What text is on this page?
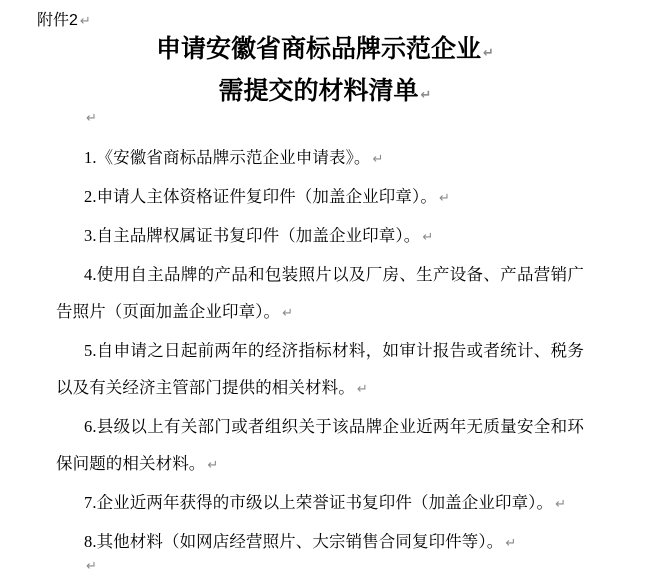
附件2 ↵
申请安徽省商标品牌示范企业 ↵
需提交的材料清单 ↵
↵

1.《安徽省商标品牌示范企业申请表》。 ↵

2.申请人主体资格证件复印件（加盖企业印章）。 ↵

3.自主品牌权属证书复印件（加盖企业印章）。 ↵

4.使用自主品牌的产品和包装照片以及厂房、生产设备、产品营销广告照片（页面加盖企业印章）。 ↵

5.自申请之日起前两年的经济指标材料，如审计报告或者统计、税务以及有关经济主管部门提供的相关材料。 ↵

6.县级以上有关部门或者组织关于该品牌企业近两年无质量安全和环保问题的相关材料。 ↵

7.企业近两年获得的市级以上荣誉证书复印件（加盖企业印章）。 ↵

8.其他材料（如网店经营照片、大宗销售合同复印件等）。 ↵

↵
